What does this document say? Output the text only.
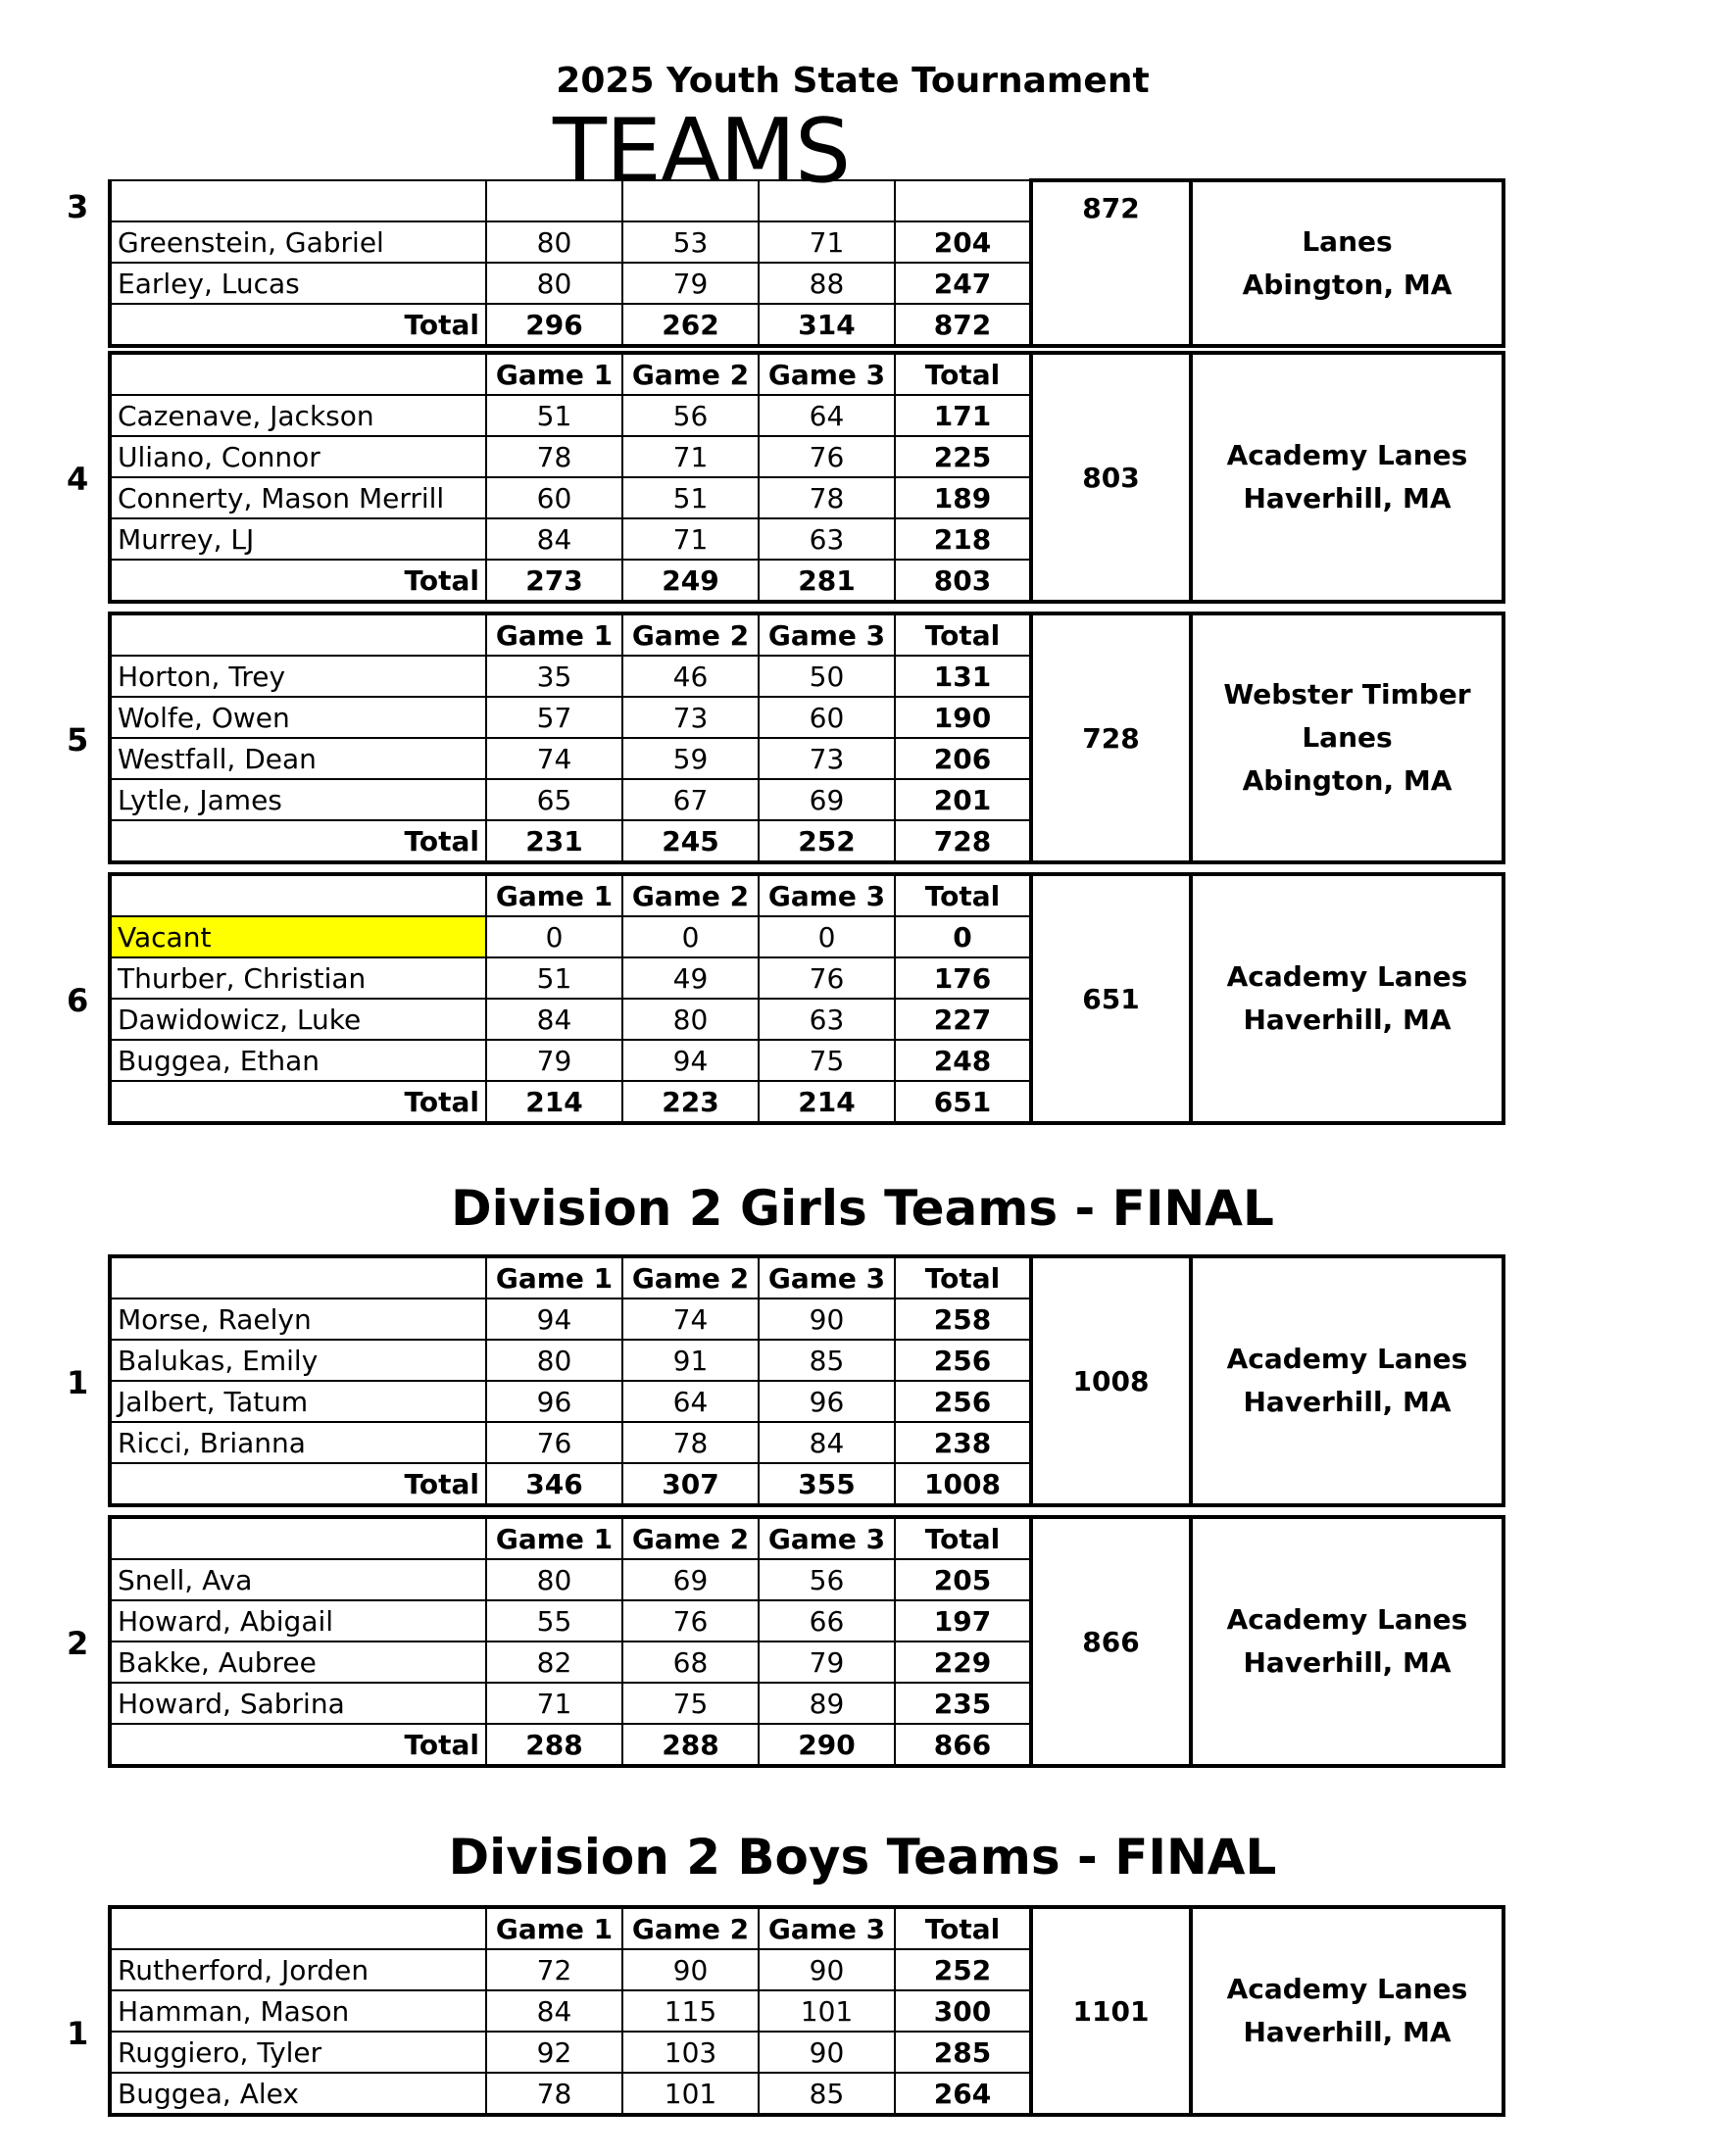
2025 Youth State Tournament
TEAMS
					872	Lanes
Abington, MA

Greenstein, Gabriel	80	53	71	204		
Earley, Lucas	80	79	88	247		
Total	296	262	314	872		
3
4
	Game 1	Game 2	Game 3	Total	803	Academy Lanes
Haverhill, MA

Cazenave, Jackson	51	56	64	171		
Uliano, Connor	78	71	76	225		
Connerty, Mason Merrill	60	51	78	189		
Murrey, LJ	84	71	63	218		
Total	273	249	281	803		
5
	Game 1	Game 2	Game 3	Total	728	Webster Timber
Lanes
Abington, MA

Horton, Trey	35	46	50	131		
Wolfe, Owen	57	73	60	190		
Westfall, Dean	74	59	73	206		
Lytle, James	65	67	69	201		
Total	231	245	252	728		
6
	Game 1	Game 2	Game 3	Total	651	Academy Lanes
Haverhill, MA

Vacant	0	0	0	0		
Thurber, Christian	51	49	76	176		
Dawidowicz, Luke	84	80	63	227		
Buggea, Ethan	79	94	75	248		
Total	214	223	214	651		
Division 2 Girls Teams - FINAL
1
	Game 1	Game 2	Game 3	Total	1008	Academy Lanes
Haverhill, MA

Morse, Raelyn	94	74	90	258		
Balukas, Emily	80	91	85	256		
Jalbert, Tatum	96	64	96	256		
Ricci, Brianna	76	78	84	238		
Total	346	307	355	1008		
2
	Game 1	Game 2	Game 3	Total	866	Academy Lanes
Haverhill, MA

Snell, Ava	80	69	56	205		
Howard, Abigail	55	76	66	197		
Bakke, Aubree	82	68	79	229		
Howard, Sabrina	71	75	89	235		
Total	288	288	290	866		
Division 2 Boys Teams - FINAL
1
	Game 1	Game 2	Game 3	Total	1101	Academy Lanes
Haverhill, MA

Rutherford, Jorden	72	90	90	252		
Hamman, Mason	84	115	101	300		
Ruggiero, Tyler	92	103	90	285		
Buggea, Alex	78	101	85	264		
